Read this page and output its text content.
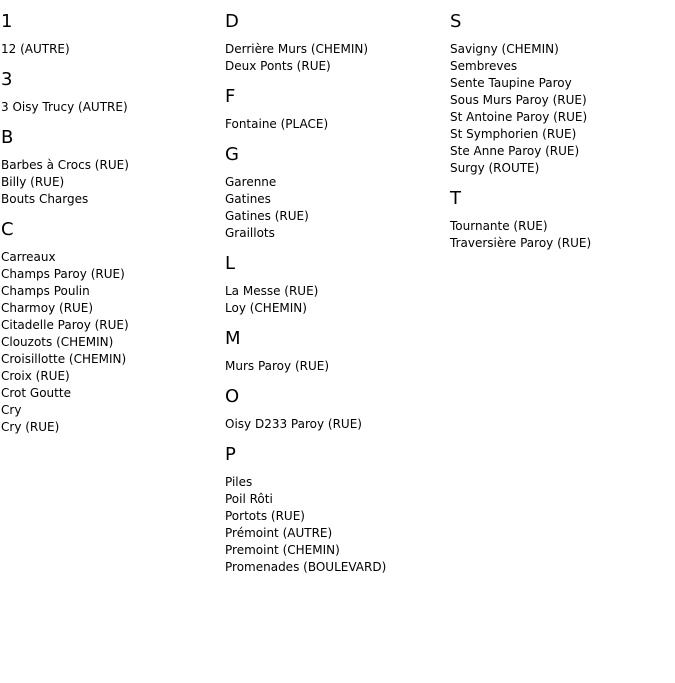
1
12 (AUTRE)
3
3 Oisy Trucy (AUTRE)
B
Barbes à Crocs (RUE)
Billy (RUE)
Bouts Charges
C
Carreaux
Champs Paroy (RUE)
Champs Poulin
Charmoy (RUE)
Citadelle Paroy (RUE)
Clouzots (CHEMIN)
Croisillotte (CHEMIN)
Croix (RUE)
Crot Goutte
Cry
Cry (RUE)
D
Derrière Murs (CHEMIN)
Deux Ponts (RUE)
F
Fontaine (PLACE)
G
Garenne
Gatines
Gatines (RUE)
Graillots
L
La Messe (RUE)
Loy (CHEMIN)
M
Murs Paroy (RUE)
O
Oisy D233 Paroy (RUE)
P
Piles
Poil Rôti
Portots (RUE)
Prémoint (AUTRE)
Premoint (CHEMIN)
Promenades (BOULEVARD)
S
Savigny (CHEMIN)
Sembreves
Sente Taupine Paroy
Sous Murs Paroy (RUE)
St Antoine Paroy (RUE)
St Symphorien (RUE)
Ste Anne Paroy (RUE)
Surgy (ROUTE)
T
Tournante (RUE)
Traversière Paroy (RUE)
